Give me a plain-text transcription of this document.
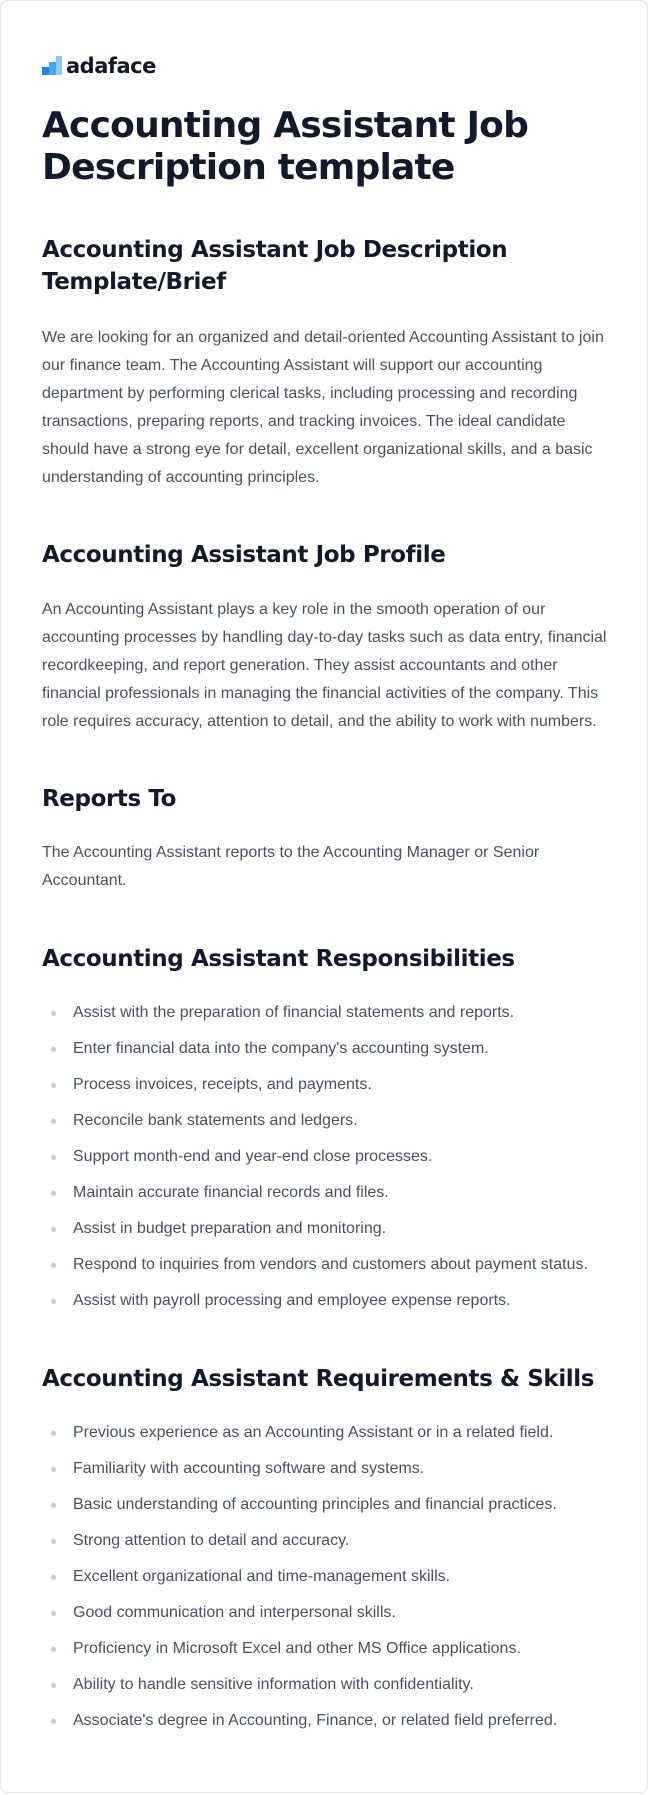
adaface
Accounting Assistant Job Description template
Accounting Assistant Job Description Template/Brief

We are looking for an organized and detail-oriented Accounting Assistant to join our finance team. The Accounting Assistant will support our accounting department by performing clerical tasks, including processing and recording transactions, preparing reports, and tracking invoices. The ideal candidate should have a strong eye for detail, excellent organizational skills, and a basic understanding of accounting principles.

Accounting Assistant Job Profile

An Accounting Assistant plays a key role in the smooth operation of our accounting processes by handling day-to-day tasks such as data entry, financial recordkeeping, and report generation. They assist accountants and other financial professionals in managing the financial activities of the company. This role requires accuracy, attention to detail, and the ability to work with numbers.

Reports To

The Accounting Assistant reports to the Accounting Manager or Senior Accountant.

Accounting Assistant Responsibilities
Assist with the preparation of financial statements and reports.
Enter financial data into the company's accounting system.
Process invoices, receipts, and payments.
Reconcile bank statements and ledgers.
Support month-end and year-end close processes.
Maintain accurate financial records and files.
Assist in budget preparation and monitoring.
Respond to inquiries from vendors and customers about payment status.
Assist with payroll processing and employee expense reports.
Accounting Assistant Requirements & Skills
Previous experience as an Accounting Assistant or in a related field.
Familiarity with accounting software and systems.
Basic understanding of accounting principles and financial practices.
Strong attention to detail and accuracy.
Excellent organizational and time-management skills.
Good communication and interpersonal skills.
Proficiency in Microsoft Excel and other MS Office applications.
Ability to handle sensitive information with confidentiality.
Associate's degree in Accounting, Finance, or related field preferred.
